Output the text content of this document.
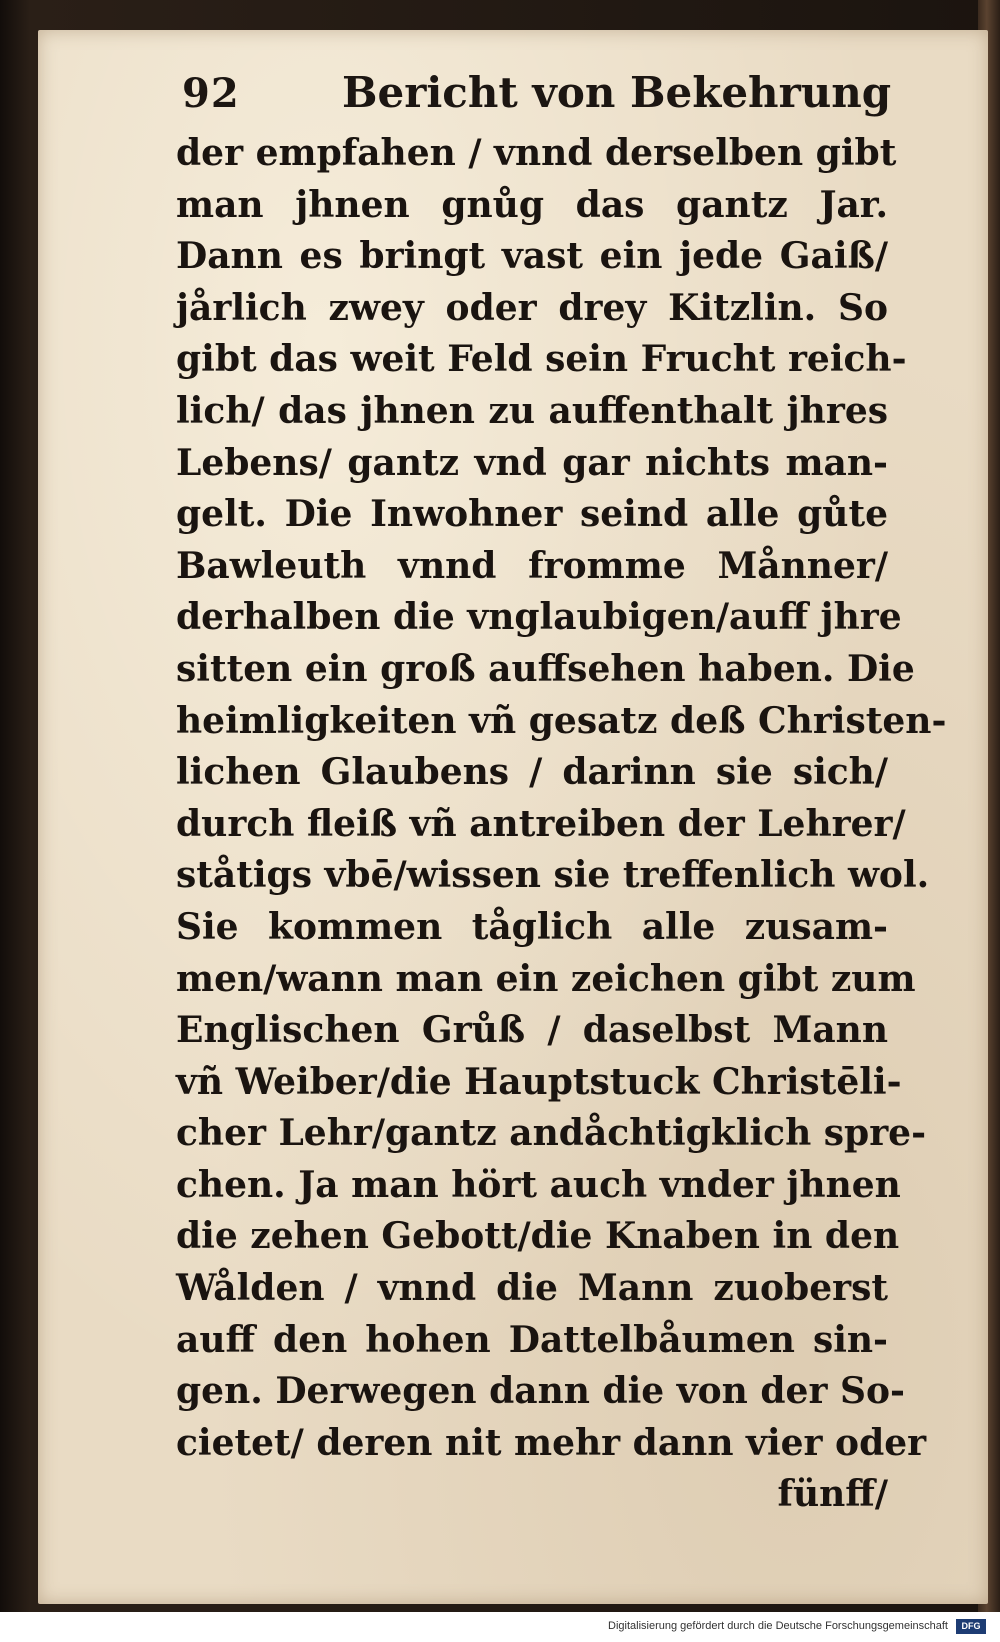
92 Bericht von Bekehrung
der empfahen / vnnd derselben gibt
man jhnen gnůg das gantz Jar.
Dann es bringt vast ein jede Gaiß/
jårlich zwey oder drey Kitzlin. So
gibt das weit Feld sein Frucht reich-
lich/ das jhnen zu auffenthalt jhres
Lebens/ gantz vnd gar nichts man-
gelt. Die Inwohner seind alle gůte
Bawleuth vnnd fromme Månner/
derhalben die vnglaubigen/auff jhre
sitten ein groß auffsehen haben. Die
heimligkeiten vñ gesatz deß Christen-
lichen Glaubens / darinn sie sich/
durch fleiß vñ antreiben der Lehrer/
ståtigs vbē/wissen sie treffenlich wol.
Sie kommen tåglich alle zusam-
men/wann man ein zeichen gibt zum
Englischen Grůß / daselbst Mann
vñ Weiber/die Hauptstuck Christēli-
cher Lehr/gantz andåchtigklich spre-
chen. Ja man hört auch vnder jhnen
die zehen Gebott/die Knaben in den
Wålden / vnnd die Mann zuoberst
auff den hohen Dattelbåumen sin-
gen. Derwegen dann die von der So-
cietet/ deren nit mehr dann vier oder
fünff/
Digitalisierung gefördert durch die Deutsche Forschungsgemeinschaft	DFG
